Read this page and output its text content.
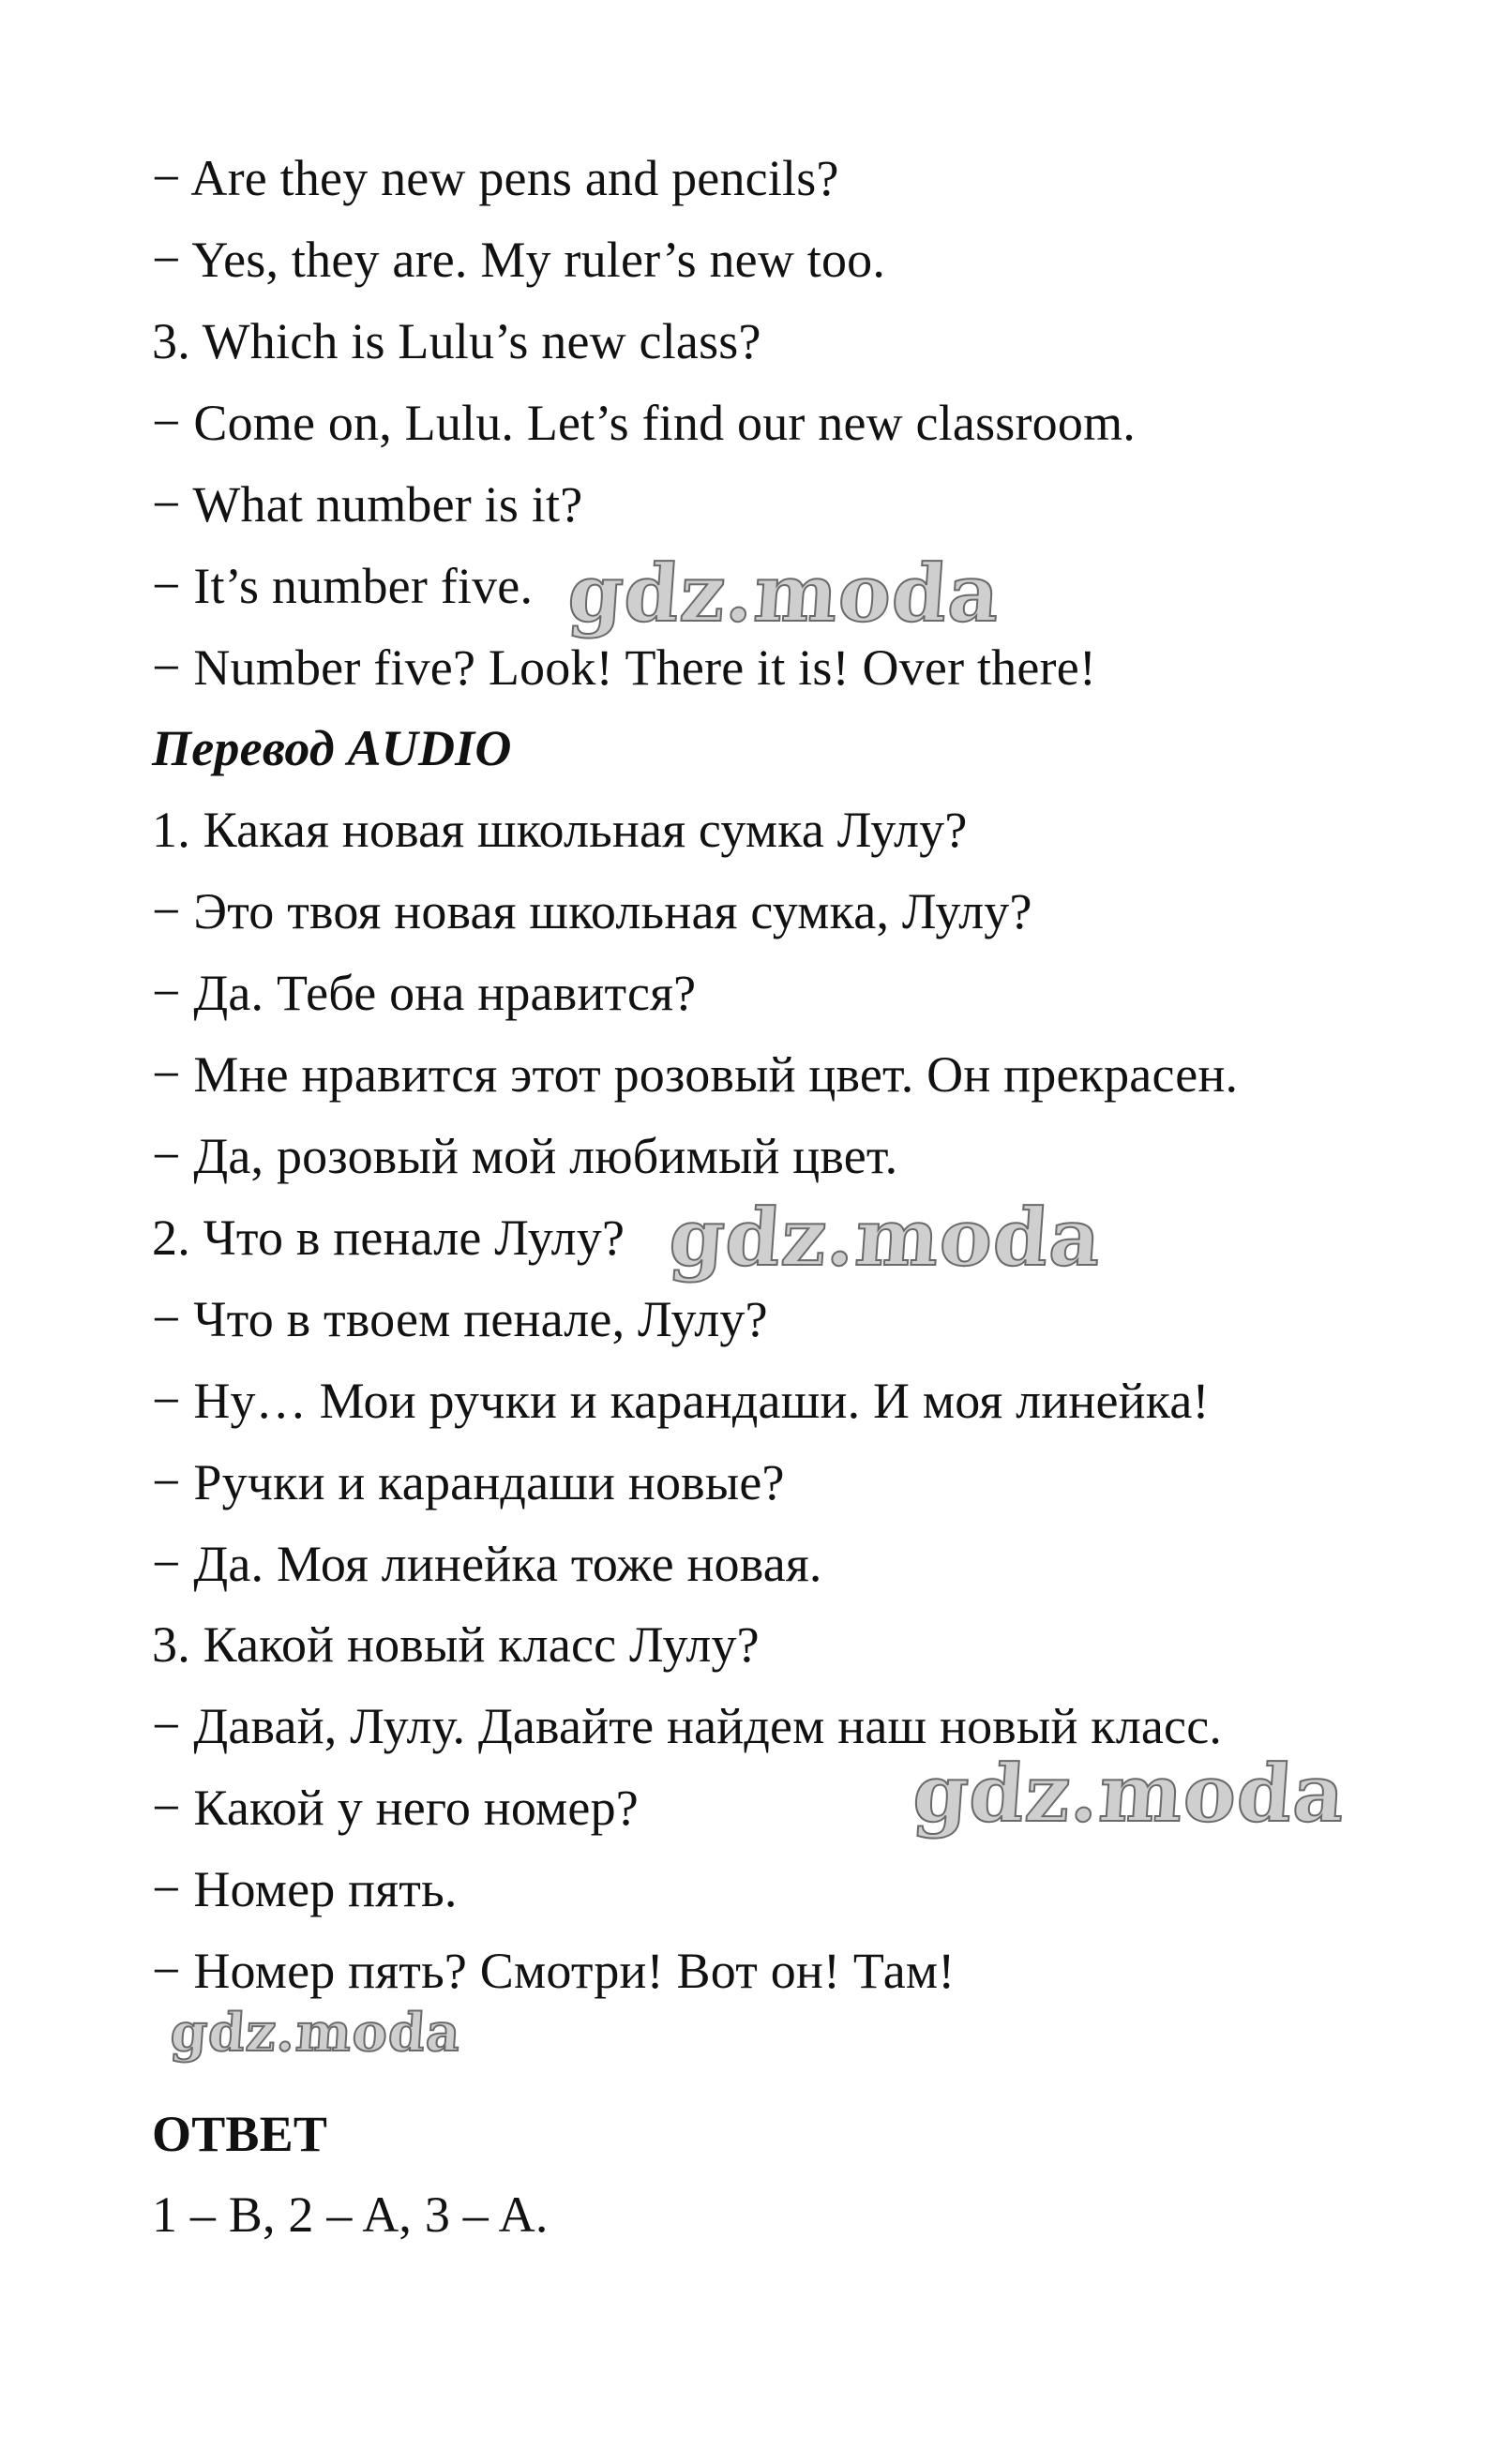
− Are they new pens and pencils?
− Yes, they are. My ruler’s new too.
3. Which is Lulu’s new class?
− Come on, Lulu. Let’s find our new classroom.
− What number is it?
− It’s number five.
− Number five? Look! There it is! Over there!
Перевод AUDIO
1. Какая новая школьная сумка Лулу?
− Это твоя новая школьная сумка, Лулу?
− Да. Тебе она нравится?
− Мне нравится этот розовый цвет. Он прекрасен.
− Да, розовый мой любимый цвет.
2. Что в пенале Лулу?
− Что в твоем пенале, Лулу?
− Ну… Мои ручки и карандаши. И моя линейка!
− Ручки и карандаши новые?
− Да. Моя линейка тоже новая.
3. Какой новый класс Лулу?
− Давай, Лулу. Давайте найдем наш новый класс.
− Какой у него номер?
− Номер пять.
− Номер пять? Смотри! Вот он! Там!
ОТВЕТ
1 – B, 2 – A, 3 – A.
gdz.moda
gdz.moda
gdz.moda
gdz.moda
